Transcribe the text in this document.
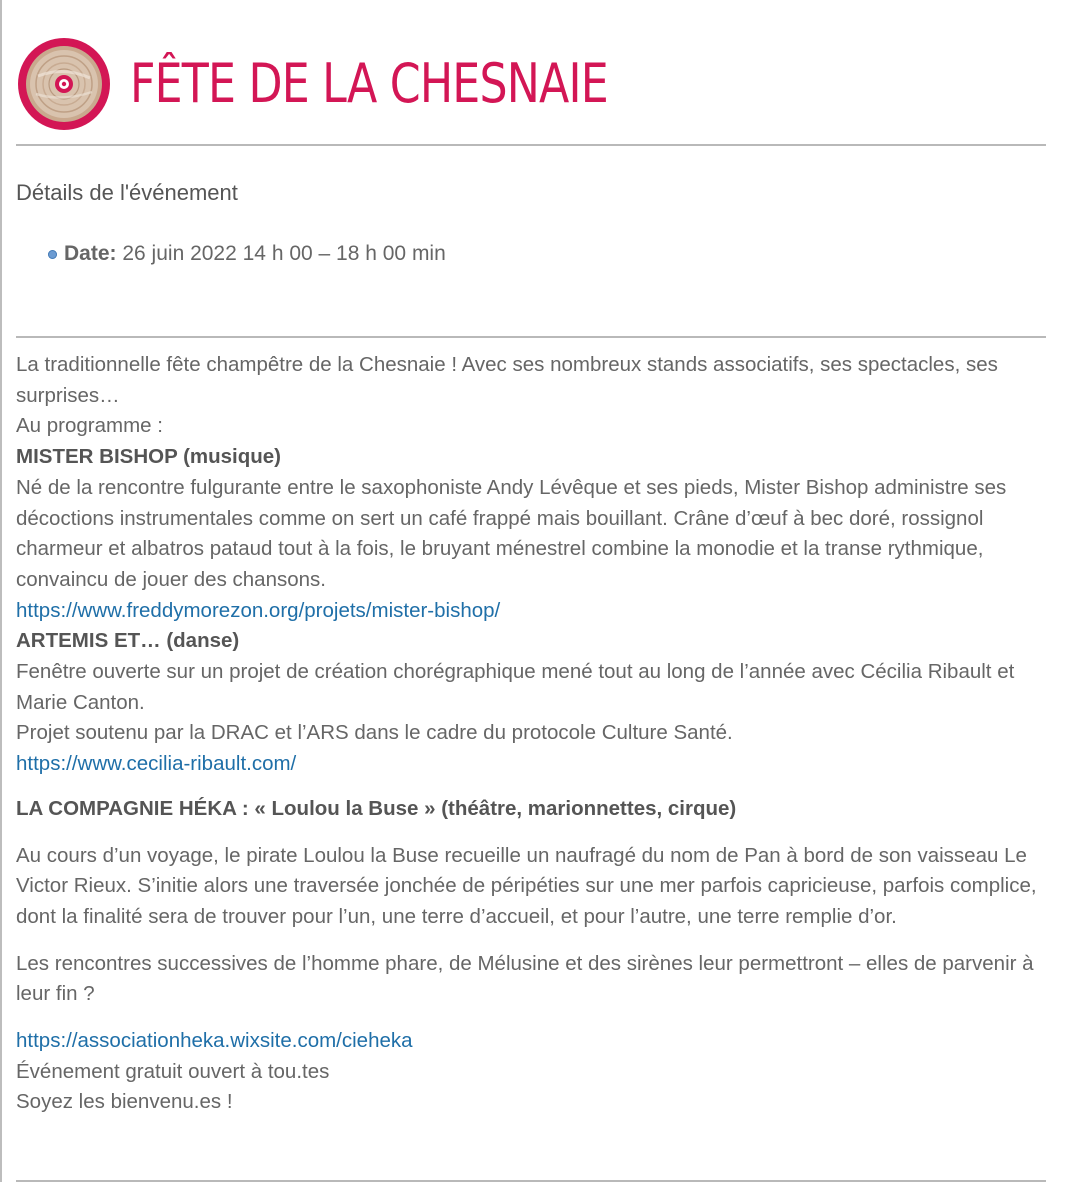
FÊTE DE LA CHESNAIE
Détails de l'événement
Date: 26 juin 2022 14 h 00 – 18 h 00 min

La traditionnelle fête champêtre de la Chesnaie ! Avec ses nombreux stands associatifs, ses spectacles, ses surprises…

Au programme :

MISTER BISHOP (musique)

Né de la rencontre fulgurante entre le saxophoniste Andy Lévêque et ses pieds, Mister Bishop administre ses décoctions instrumentales comme on sert un café frappé mais bouillant. Crâne d’œuf à bec doré, rossignol charmeur et albatros pataud tout à la fois, le bruyant ménestrel combine la monodie et la transe rythmique, convaincu de jouer des chansons.

https://www.freddymorezon.org/projets/mister-bishop/

ARTEMIS ET… (danse)

Fenêtre ouverte sur un projet de création chorégraphique mené tout au long de l’année avec Cécilia Ribault et Marie Canton.

Projet soutenu par la DRAC et l’ARS dans le cadre du protocole Culture Santé.

https://www.cecilia-ribault.com/

LA COMPAGNIE HÉKA : « Loulou la Buse » (théâtre, marionnettes, cirque)

Au cours d’un voyage, le pirate Loulou la Buse recueille un naufragé du nom de Pan à bord de son vaisseau Le Victor Rieux. S’initie alors une traversée jonchée de péripéties sur une mer parfois capricieuse, parfois complice, dont la finalité sera de trouver pour l’un, une terre d’accueil, et pour l’autre, une terre remplie d’or.

Les rencontres successives de l’homme phare, de Mélusine et des sirènes leur permettront – elles de parvenir à leur fin ?

https://associationheka.wixsite.com/cieheka

Événement gratuit ouvert à tou.tes

Soyez les bienvenu.es !
